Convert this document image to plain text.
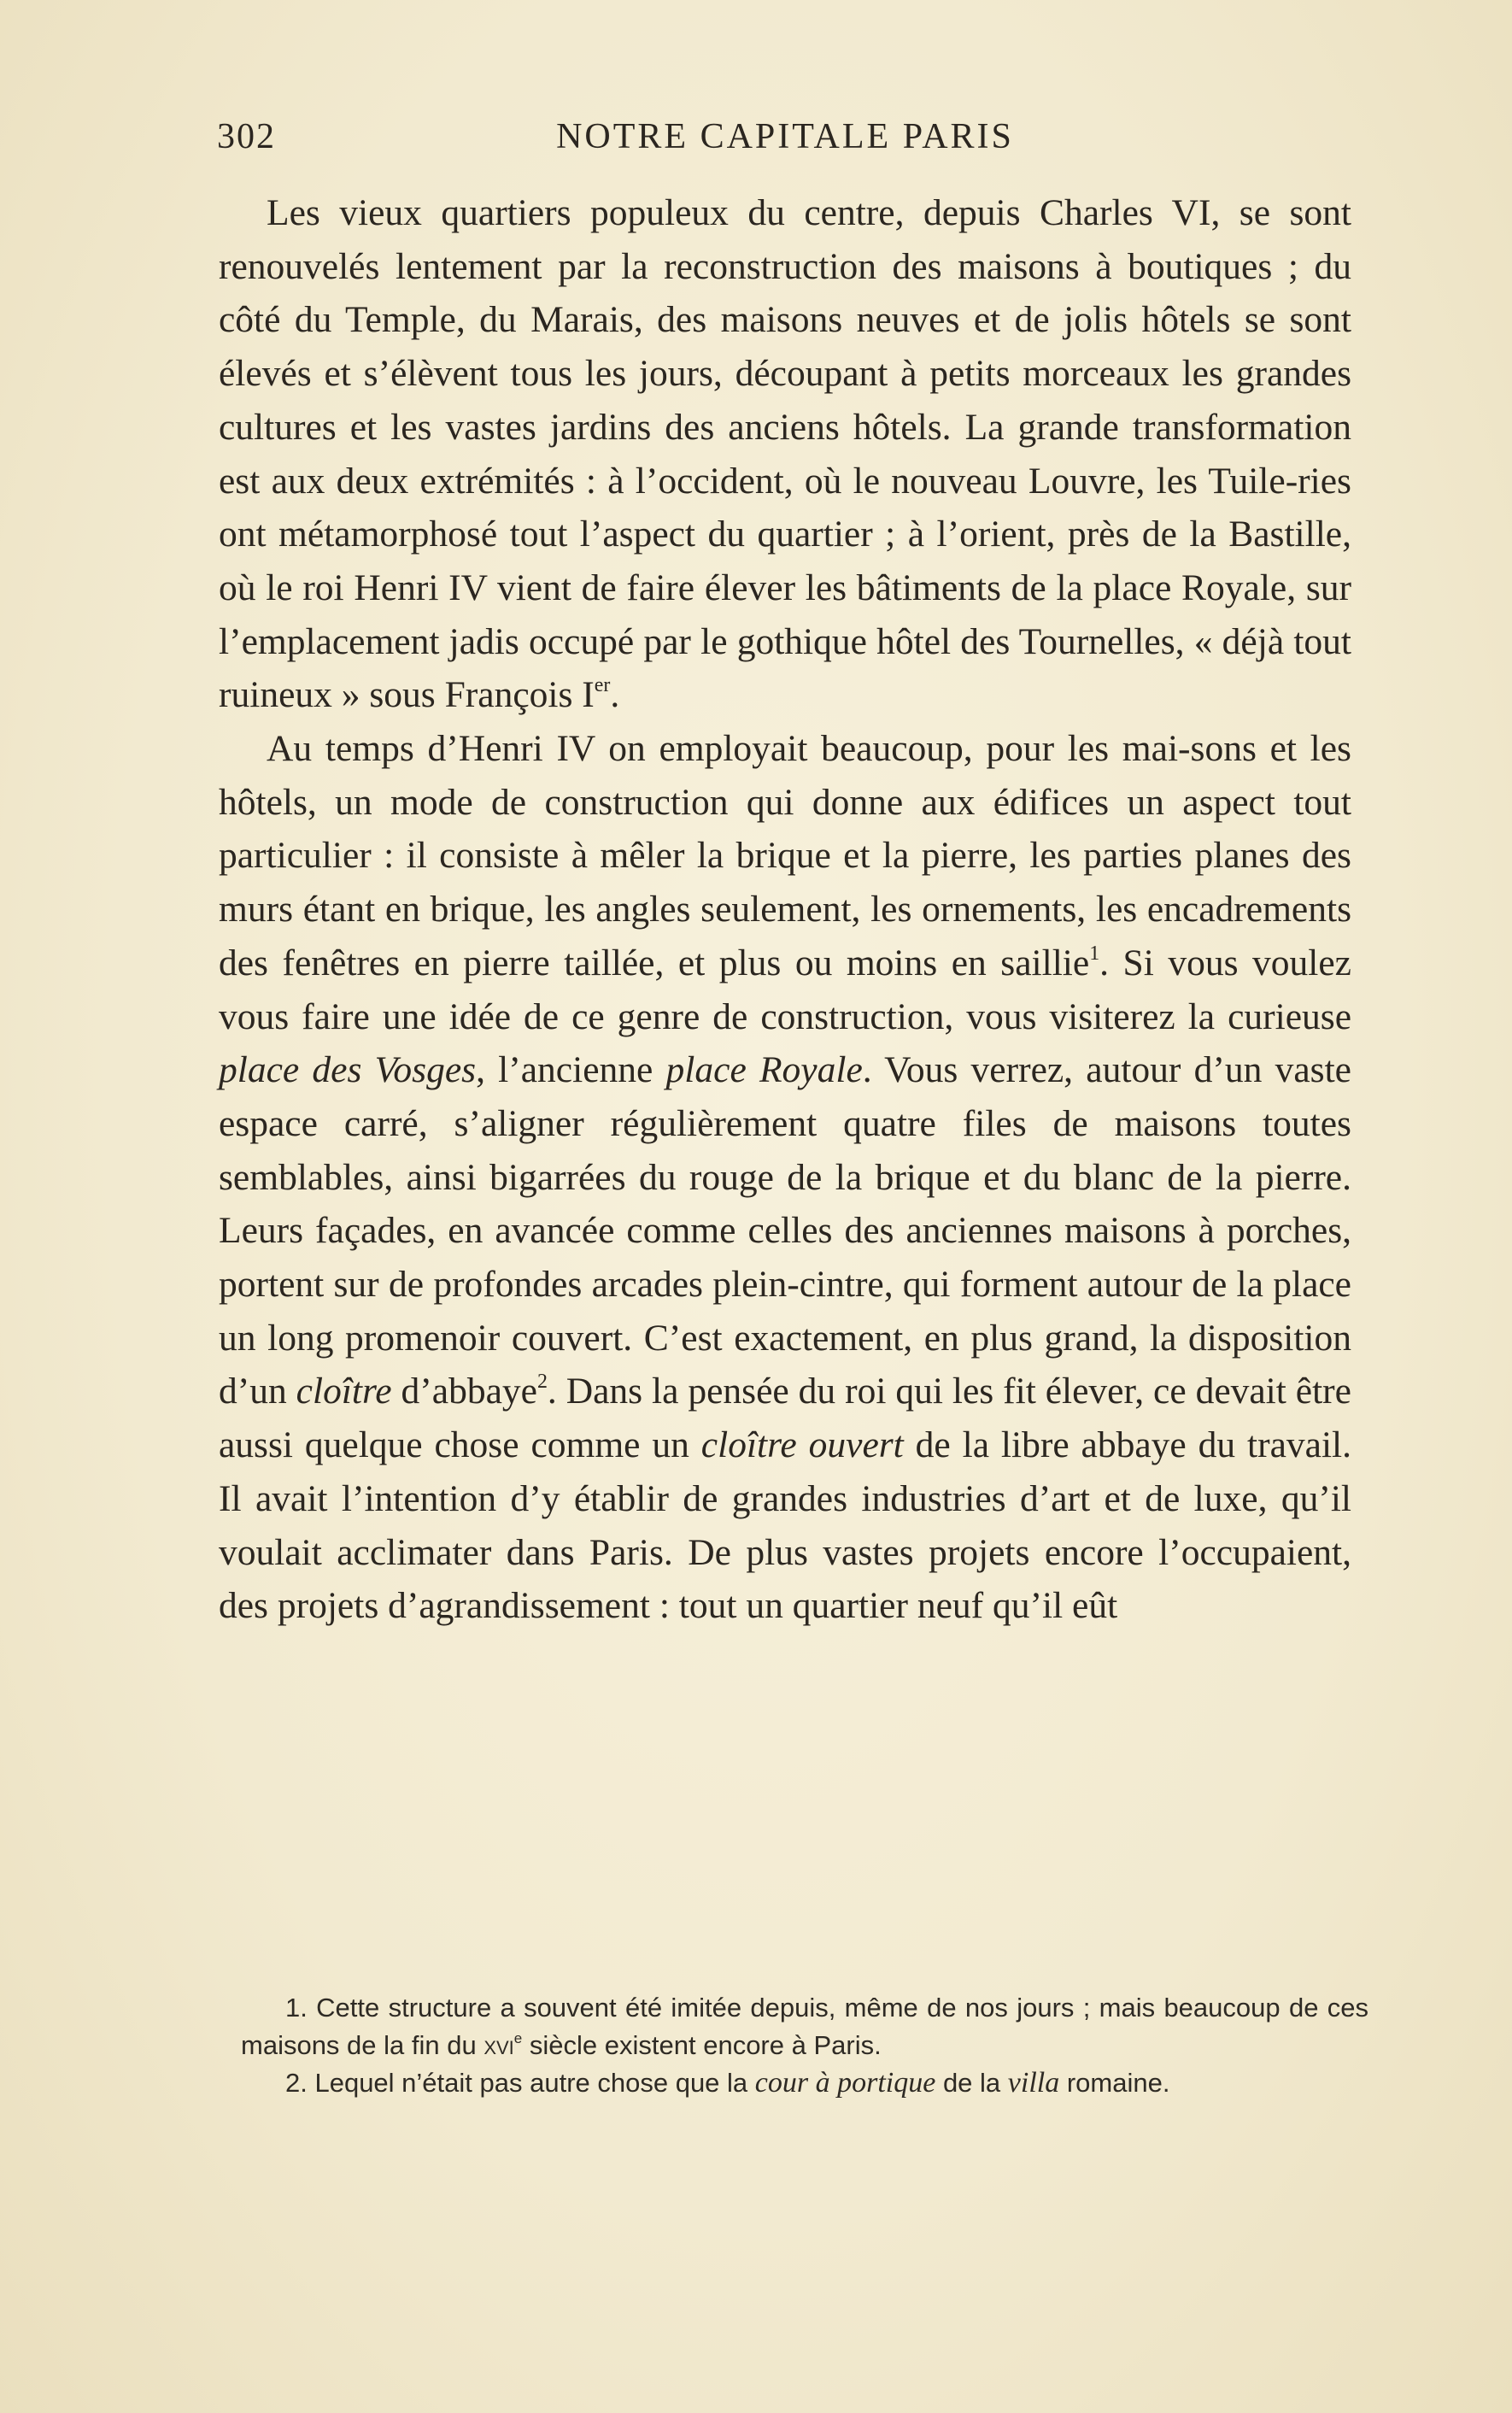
302	NOTRE CAPITALE PARIS

Les vieux quartiers populeux du centre, depuis Charles VI, se sont renouvelés lentement par la reconstruction des maisons à boutiques ; du côté du Temple, du Marais, des maisons neuves et de jolis hôtels se sont élevés et s’élèvent tous les jours, découpant à petits morceaux les grandes cultures et les vastes jardins des anciens hôtels. La grande transformation est aux deux extrémités : à l’occident, où le nouveau Louvre, les Tuile-ries ont métamorphosé tout l’aspect du quartier ; à l’orient, près de la Bastille, où le roi Henri IV vient de faire élever les bâtiments de la place Royale, sur l’emplacement jadis occupé par le gothique hôtel des Tournelles, « déjà tout ruineux » sous François Ier.

Au temps d’Henri IV on employait beaucoup, pour les mai-sons et les hôtels, un mode de construction qui donne aux édifices un aspect tout particulier : il consiste à mêler la brique et la pierre, les parties planes des murs étant en brique, les angles seulement, les ornements, les encadrements des fenêtres en pierre taillée, et plus ou moins en saillie$^1$. Si vous voulez vous faire une idée de ce genre de construction, vous visiterez la curieuse place des Vosges, l’ancienne place Royale. Vous verrez, autour d’un vaste espace carré, s’aligner régulièrement quatre files de maisons toutes semblables, ainsi bigarrées du rouge de la brique et du blanc de la pierre. Leurs façades, en avancée comme celles des anciennes maisons à porches, portent sur de profondes arcades plein-cintre, qui forment autour de la place un long promenoir couvert. C’est exactement, en plus grand, la disposition d’un cloître d’abbaye$^2$. Dans la pensée du roi qui les fit élever, ce devait être aussi quelque chose comme un cloître ouvert de la libre abbaye du travail. Il avait l’intention d’y établir de grandes industries d’art et de luxe, qu’il voulait acclimater dans Paris. De plus vastes projets encore l’occupaient, des projets d’agrandissement : tout un quartier neuf qu’il eût

1. Cette structure a souvent été imitée depuis, même de nos jours ; mais beaucoup de ces maisons de la fin du xvi$^e$ siècle existent encore à Paris.

2. Lequel n’était pas autre chose que la cour à portique de la villa romaine.
